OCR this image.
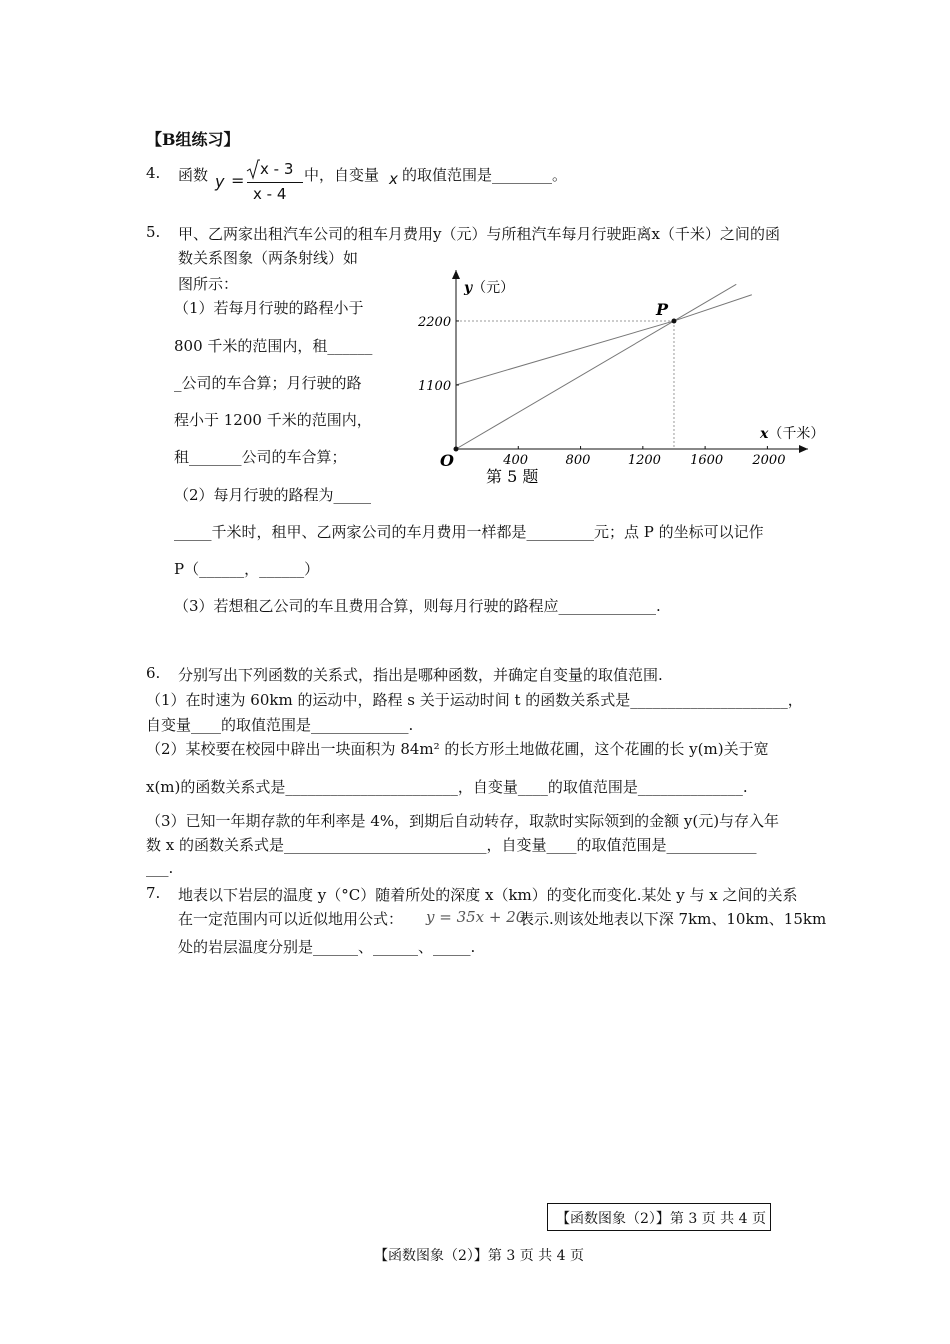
【B组练习】
4. 函数 y =
x - 3
x - 4
中，自变量 x 的取值范围是________。
5. 甲、乙两家出租汽车公司的租车月费用y（元）与所租汽车每月行驶距离x（千米）之间的函
数关系图象（两条射线）如
图所示：
（1）若每月行驶的路程小于
800 千米的范围内，租______
_公司的车合算；月行驶的路
程小于 1200 千米的范围内，
租_______公司的车合算；
（2）每月行驶的路程为_____
_____千米时，租甲、乙两家公司的车月费用一样都是_________元；点 P 的坐标可以记作
P（______，______）
（3）若想租乙公司的车且费用合算，则每月行驶的路程应_____________.
400	800	1200 1600 2000
1100
2200
x（千米）
y（元）
O
P
第 5 题
6. 分别写出下列函数的关系式，指出是哪种函数，并确定自变量的取值范围.
（1）在时速为 60km 的运动中，路程 s 关于运动时间 t 的函数关系式是_____________________，
自变量____的取值范围是_____________.
（2）某校要在校园中辟出一块面积为 84m² 的长方形土地做花圃，这个花圃的长 y(m)关于宽
x(m)的函数关系式是_______________________，自变量____的取值范围是______________.
（3）已知一年期存款的年利率是 4%，到期后自动转存，取款时实际领到的金额 y(元)与存入年
数 x 的函数关系式是___________________________，自变量____的取值范围是____________
___.
7. 地表以下岩层的温度 y（°C）随着所处的深度 x（km）的变化而变化.某处 y 与 x 之间的关系
在一定范围内可以近似地用公式： y = 35x + 20
表示.则该处地表以下深 7km、10km、15km
处的岩层温度分别是______、______、_____.
【函数图象（2）】第 3 页 共 4 页
【函数图象（2）】第 3 页 共 4 页
